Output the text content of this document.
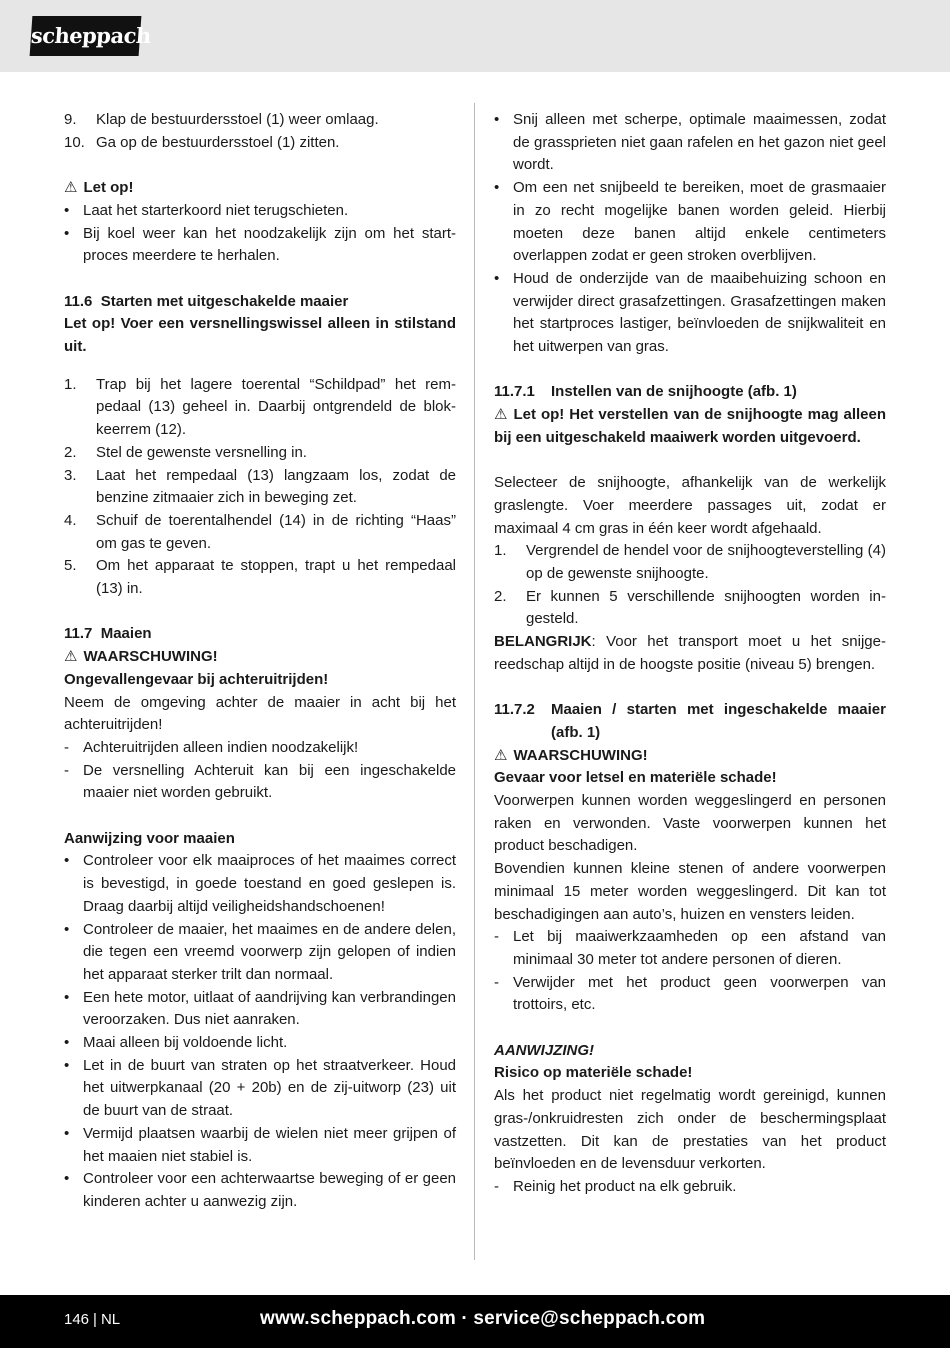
scheppach
9. Klap de bestuurdersstoel (1) weer omlaag.
10. Ga op de bestuurdersstoel (1) zitten.

⚠ Let op!

• Laat het starterkoord niet terugschieten.
• Bij koel weer kan het noodzakelijk zijn om het startproces meerdere te herhalen.

11.6 Starten met uitgeschakelde maaier

Let op! Voer een versnellingswissel alleen in stilstand uit.

1. Trap bij het lagere toerental “Schildpad” het rempedaal (13) geheel in. Daarbij ontgrendeld de blokkeerrem (12).
2. Stel de gewenste versnelling in.
3. Laat het rempedaal (13) langzaam los, zodat de benzine zitmaaier zich in beweging zet.
4. Schuif de toerentalhendel (14) in de richting “Haas” om gas te geven.
5. Om het apparaat te stoppen, trapt u het rempedaal (13) in.

11.7 Maaien

⚠ WAARSCHUWING!

Ongevallengevaar bij achteruitrijden!

Neem de omgeving achter de maaier in acht bij het achteruitrijden!

- Achteruitrijden alleen indien noodzakelijk!
- De versnelling Achteruit kan bij een ingeschakelde maaier niet worden gebruikt.

Aanwijzing voor maaien

• Controleer voor elk maaiproces of het maaimes correct is bevestigd, in goede toestand en goed geslepen is. Draag daarbij altijd veiligheidshandschoenen!
• Controleer de maaier, het maaimes en de andere delen, die tegen een vreemd voorwerp zijn gelopen of indien het apparaat sterker trilt dan normaal.
• Een hete motor, uitlaat of aandrijving kan verbrandingen veroorzaken. Dus niet aanraken.
• Maai alleen bij voldoende licht.
• Let in de buurt van straten op het straatverkeer. Houd het uitwerpkanaal (20 + 20b) en de zij-uitworp (23) uit de buurt van de straat.
• Vermijd plaatsen waarbij de wielen niet meer grijpen of het maaien niet stabiel is.
• Controleer voor een achterwaartse beweging of er geen kinderen achter u aanwezig zijn.
• Snij alleen met scherpe, optimale maaimessen, zodat de grassprieten niet gaan rafelen en het gazon niet geel wordt.
• Om een net snijbeeld te bereiken, moet de grasmaaier in zo recht mogelijke banen worden geleid. Hierbij moeten deze banen altijd enkele centimeters overlappen zodat er geen stroken overblijven.
• Houd de onderzijde van de maaibehuizing schoon en verwijder direct grasafzettingen. Grasafzettingen maken het startproces lastiger, beïnvloeden de snijkwaliteit en het uitwerpen van gras.

11.7.1 Instellen van de snijhoogte (afb. 1)

⚠ Let op! Het verstellen van de snijhoogte mag alleen bij een uitgeschakeld maaiwerk worden uitgevoerd.

Selecteer de snijhoogte, afhankelijk van de werkelijk graslengte. Voer meerdere passages uit, zodat er maximaal 4 cm gras in één keer wordt afgehaald.

1. Vergrendel de hendel voor de snijhoogteverstelling (4) op de gewenste snijhoogte.
2. Er kunnen 5 verschillende snijhoogten worden ingesteld.

BELANGRIJK: Voor het transport moet u het snijgereedschap altijd in de hoogste positie (niveau 5) brengen.

11.7.2 Maaien / starten met ingeschakelde maaier (afb. 1)

⚠ WAARSCHUWING!

Gevaar voor letsel en materiële schade!

Voorwerpen kunnen worden weggeslingerd en personen raken en verwonden. Vaste voorwerpen kunnen het product beschadigen.

Bovendien kunnen kleine stenen of andere voorwerpen minimaal 15 meter worden weggeslingerd. Dit kan tot beschadigingen aan auto’s, huizen en vensters leiden.

- Let bij maaiwerkzaamheden op een afstand van minimaal 30 meter tot andere personen of dieren.
- Verwijder met het product geen voorwerpen van trottoirs, etc.

AANWIJZING!

Risico op materiële schade!

Als het product niet regelmatig wordt gereinigd, kunnen gras-/onkruidresten zich onder de beschermingsplaat vastzetten. Dit kan de prestaties van het product beïnvloeden en de levensduur verkorten.

- Reinig het product na elk gebruik.
146 | NL	www.scheppach.com · service@scheppach.com
